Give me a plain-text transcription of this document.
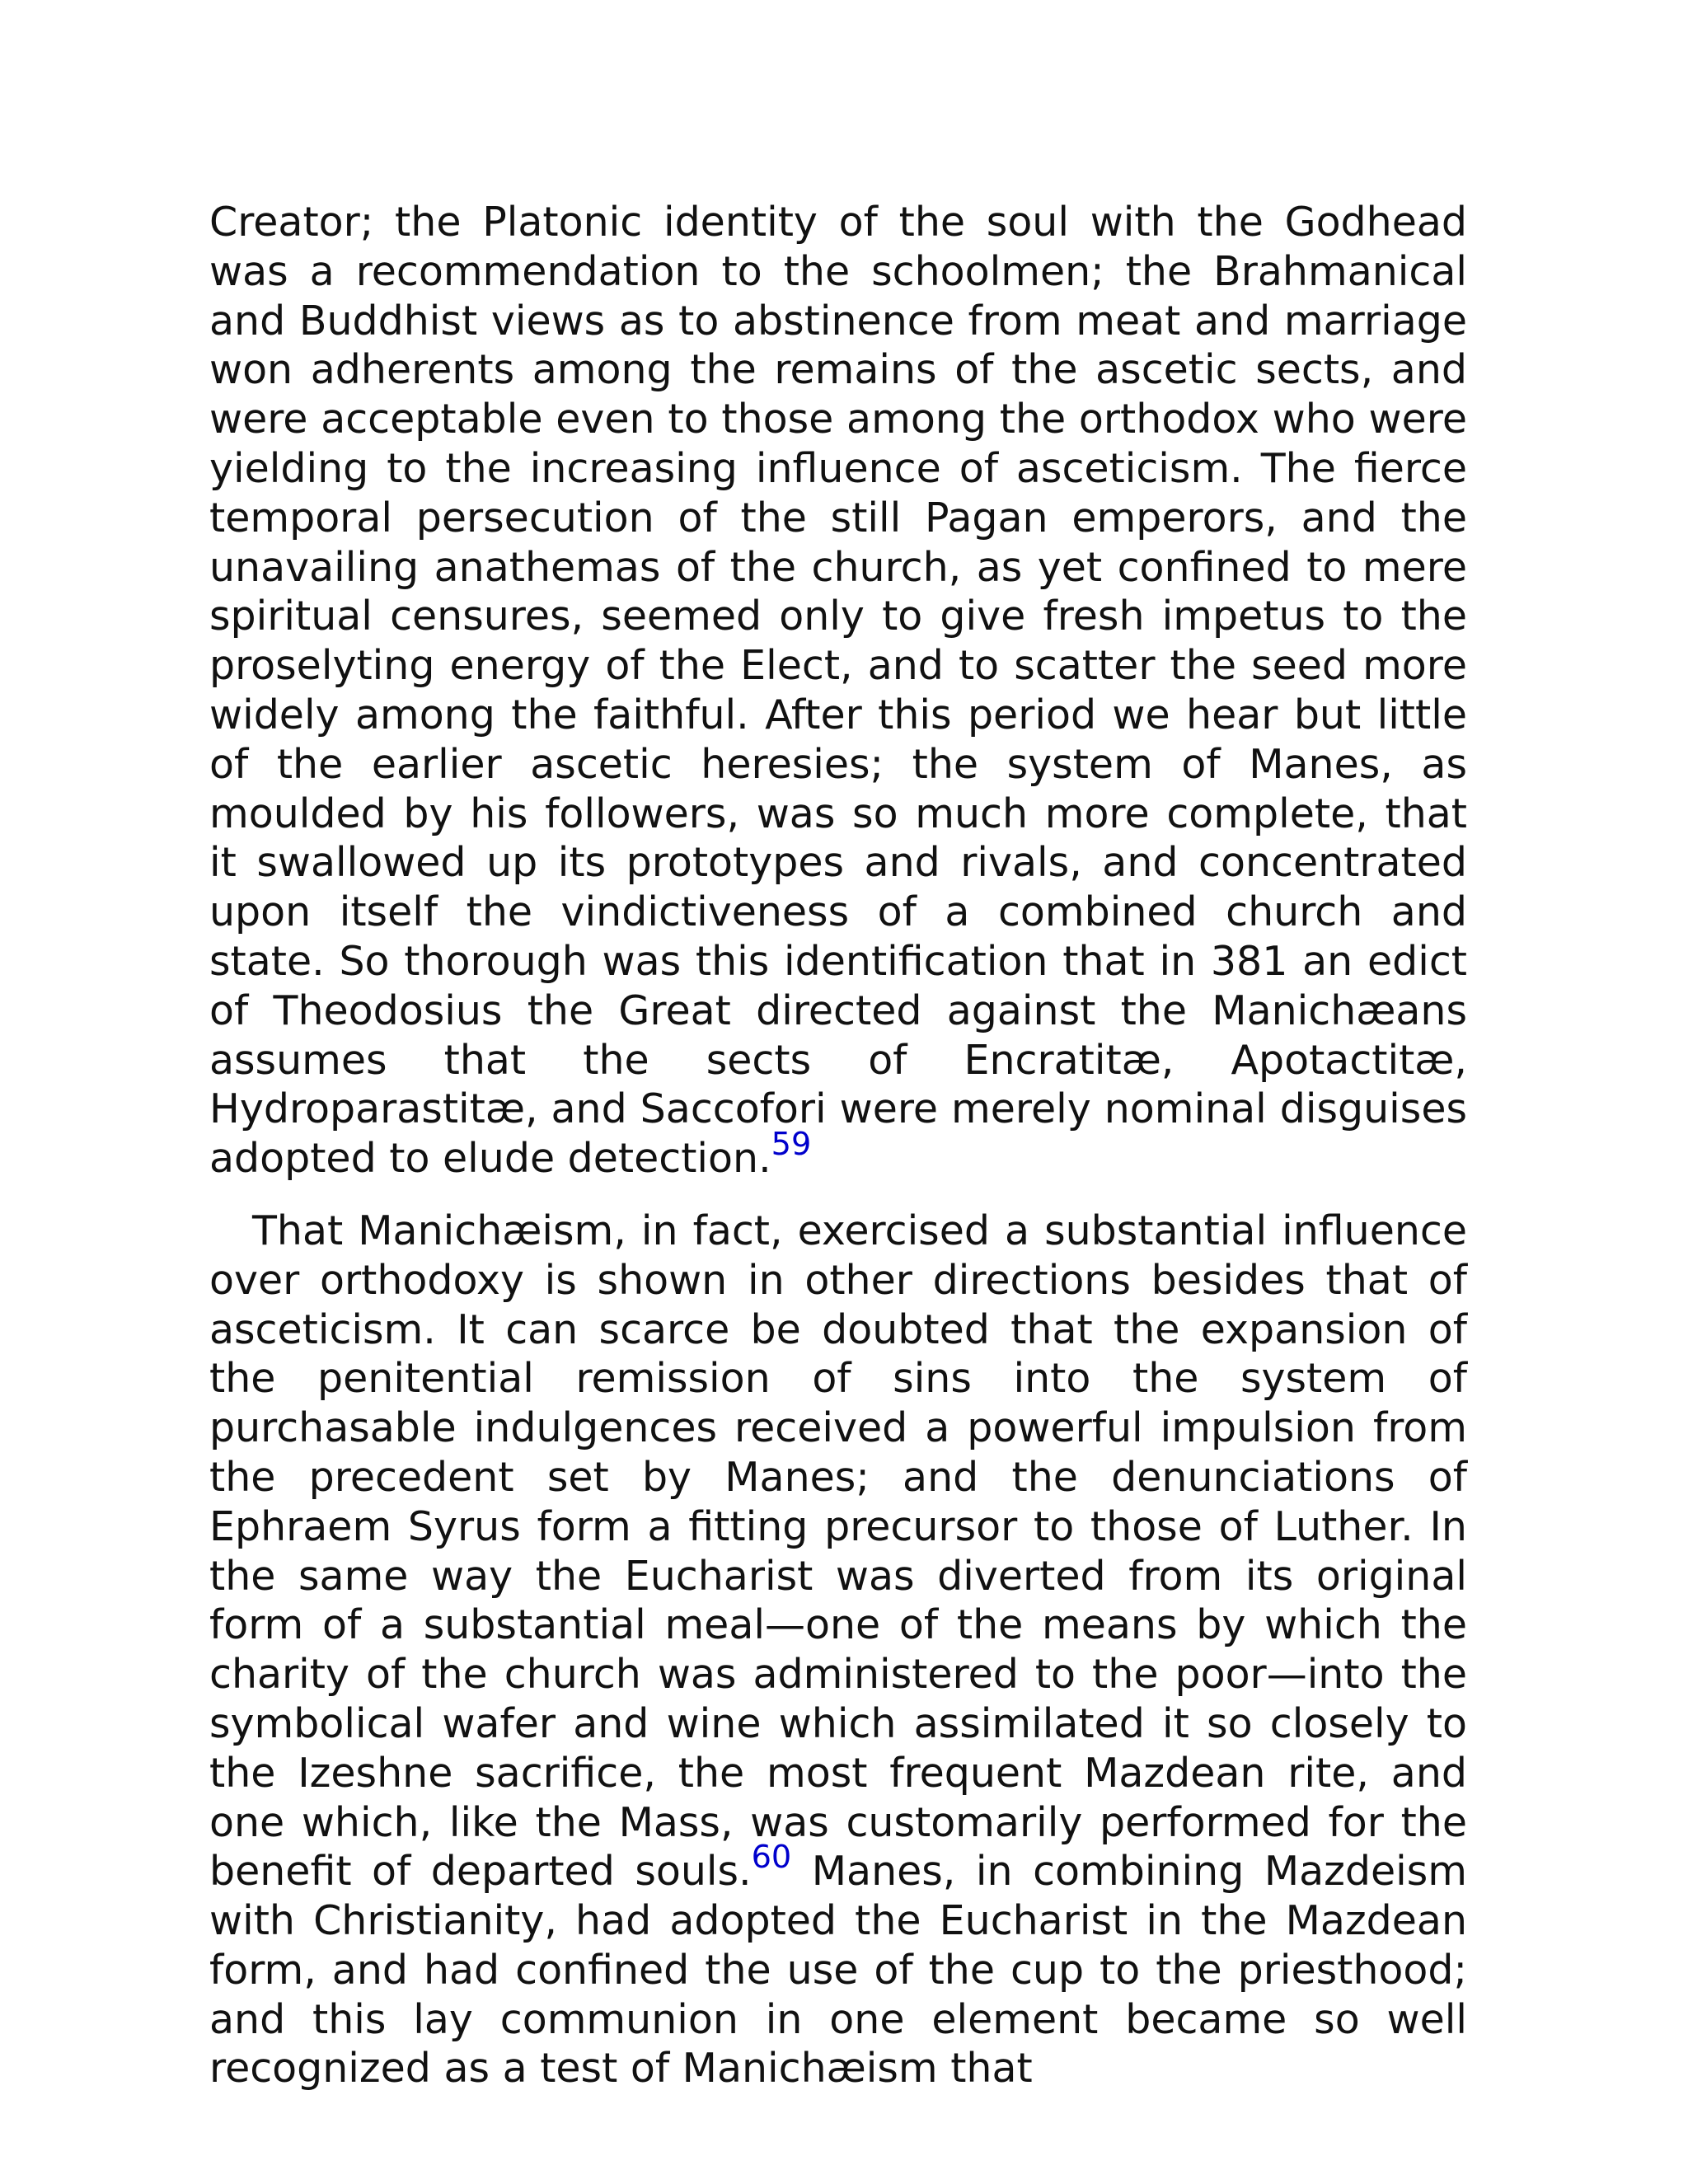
Creator; the Platonic identity of the soul with the Godhead was a recommendation to the schoolmen; the Brahmanical and Buddhist views as to abstinence from meat and marriage won adherents among the remains of the ascetic sects, and were acceptable even to those among the orthodox who were yielding to the increasing influence of asceticism. The fierce temporal persecution of the still Pagan emperors, and the unavailing anathemas of the church, as yet confined to mere spiritual censures, seemed only to give fresh impetus to the proselyting energy of the Elect, and to scatter the seed more widely among the faithful. After this period we hear but little of the earlier ascetic heresies; the system of Manes, as moulded by his followers, was so much more complete, that it swallowed up its prototypes and rivals, and concentrated upon itself the vindictiveness of a combined church and state. So thorough was this identification that in 381 an edict of Theodosius the Great directed against the Manichæans assumes that the sects of Encratitæ, Apotactitæ, Hydroparastitæ, and Saccofori were merely nominal disguises adopted to elude detection.$^{59}$

That Manichæism, in fact, exercised a substantial influence over orthodoxy is shown in other directions besides that of asceticism. It can scarce be doubted that the expansion of the penitential remission of sins into the system of purchasable indulgences received a powerful impulsion from the precedent set by Manes; and the denunciations of Ephraem Syrus form a fitting precursor to those of Luther. In the same way the Eucharist was diverted from its original form of a substantial meal—one of the means by which the charity of the church was administered to the poor—into the symbolical wafer and wine which assimilated it so closely to the Izeshne sacrifice, the most frequent Mazdean rite, and one which, like the Mass, was customarily performed for the benefit of departed souls.$^{60}$ Manes, in combining Mazdeism with Christianity, had adopted the Eucharist in the Mazdean form, and had confined the use of the cup to the priesthood; and this lay communion in one element became so well recognized as a test of Manichæism that
